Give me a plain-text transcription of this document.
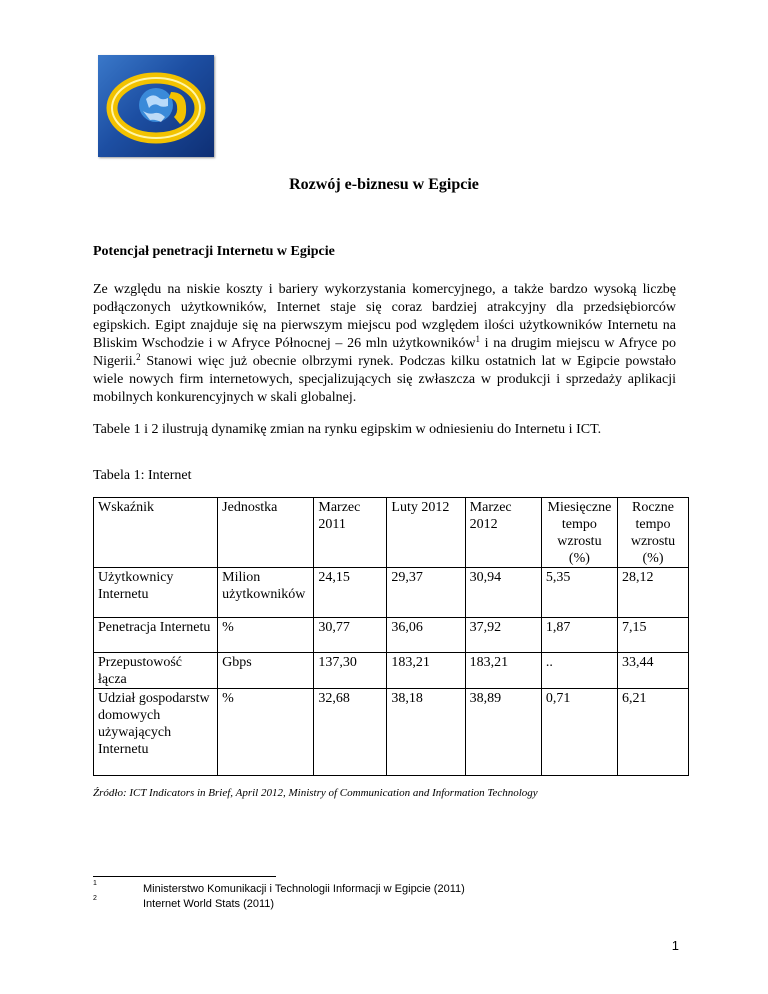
Rozwój e-biznesu w Egipcie
Potencjał penetracji Internetu w Egipcie

Ze względu na niskie koszty i bariery wykorzystania komercyjnego, a także bardzo wysoką liczbę podłączonych użytkowników, Internet staje się coraz bardziej atrakcyjny dla przedsiębiorców egipskich. Egipt znajduje się na pierwszym miejscu pod względem ilości użytkowników Internetu na Bliskim Wschodzie i w Afryce Północnej – 26 mln użytkowników$^1$ i na drugim miejscu w Afryce po Nigerii.$^2$ Stanowi więc już obecnie olbrzymi rynek. Podczas kilku ostatnich lat w Egipcie powstało wiele nowych firm internetowych, specjalizujących się zwłaszcza w produkcji i sprzedaży aplikacji mobilnych konkurencyjnych w skali globalnej.

Tabele 1 i 2 ilustrują dynamikę zmian na rynku egipskim w odniesieniu do Internetu i ICT.

Tabela 1: Internet

Wskaźnik	Jednostka	Marzec 2011	Luty 2012	Marzec 2012	Miesięczne tempo wzrostu (%)	Roczne tempo wzrostu (%)
Użytkownicy Internetu	Milion użytkowników	24,15	29,37	30,94	5,35	28,12
Penetracja Internetu	%	30,77	36,06	37,92	1,87	7,15
Przepustowość łącza	Gbps	137,30	183,21	183,21	..	33,44
Udział gospodarstw domowych używających Internetu	%	32,68	38,18	38,89	0,71	6,21

Źródło: ICT Indicators in Brief, April 2012, Ministry of Communication and Information Technology

1	Ministerstwo Komunikacji i Technologii Informacji w Egipcie (2011)
2	Internet World Stats (2011)
1
